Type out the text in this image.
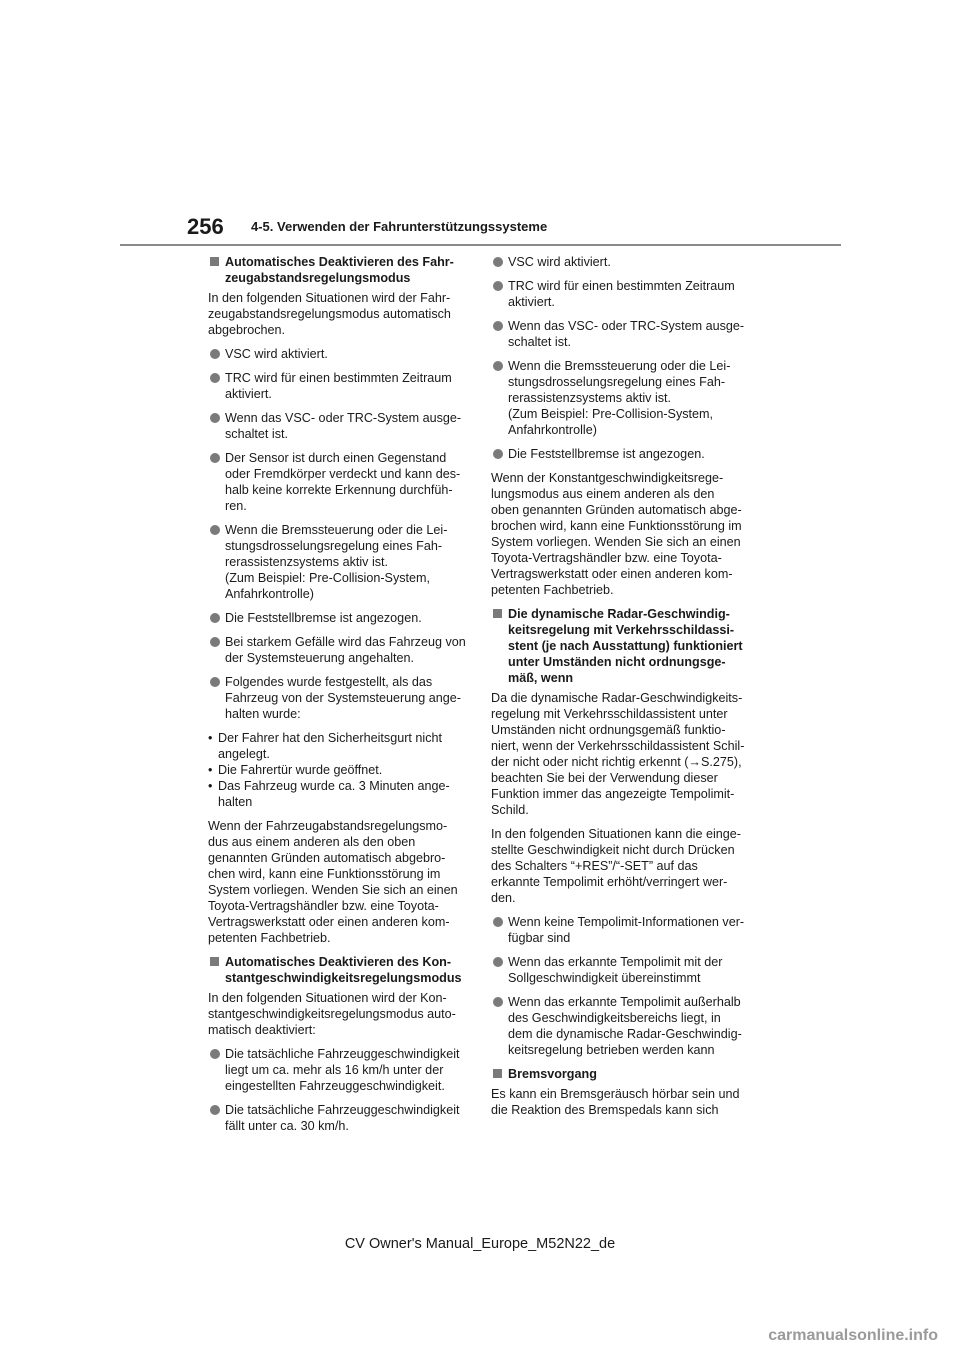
256 4-5. Verwenden der Fahrunterstützungssysteme
Automatisches Deaktivieren des Fahr-
zeugabstandsregelungsmodus
In den folgenden Situationen wird der Fahr-
zeugabstandsregelungsmodus automatisch
abgebrochen.
VSC wird aktiviert.
TRC wird für einen bestimmten Zeitraum
aktiviert.
Wenn das VSC- oder TRC-System ausge-
schaltet ist.
Der Sensor ist durch einen Gegenstand
oder Fremdkörper verdeckt und kann des-
halb keine korrekte Erkennung durchfüh-
ren.
Wenn die Bremssteuerung oder die Lei-
stungsdrosselungsregelung eines Fah-
rerassistenzsystems aktiv ist.
(Zum Beispiel: Pre-Collision-System,
Anfahrkontrolle)
Die Feststellbremse ist angezogen.
Bei starkem Gefälle wird das Fahrzeug von
der Systemsteuerung angehalten.
Folgendes wurde festgestellt, als das
Fahrzeug von der Systemsteuerung ange-
halten wurde:
• Der Fahrer hat den Sicherheitsgurt nicht
angelegt.
• Die Fahrertür wurde geöffnet.
• Das Fahrzeug wurde ca. 3 Minuten ange-
halten
Wenn der Fahrzeugabstandsregelungsmo-
dus aus einem anderen als den oben
genannten Gründen automatisch abgebro-
chen wird, kann eine Funktionsstörung im
System vorliegen. Wenden Sie sich an einen
Toyota-Vertragshändler bzw. eine Toyota-
Vertragswerkstatt oder einen anderen kom-
petenten Fachbetrieb.
Automatisches Deaktivieren des Kon-
stantgeschwindigkeitsregelungsmodus
In den folgenden Situationen wird der Kon-
stantgeschwindigkeitsregelungsmodus auto-
matisch deaktiviert:
Die tatsächliche Fahrzeuggeschwindigkeit
liegt um ca. mehr als 16 km/h unter der
eingestellten Fahrzeuggeschwindigkeit.
Die tatsächliche Fahrzeuggeschwindigkeit
fällt unter ca. 30 km/h.
VSC wird aktiviert.
TRC wird für einen bestimmten Zeitraum
aktiviert.
Wenn das VSC- oder TRC-System ausge-
schaltet ist.
Wenn die Bremssteuerung oder die Lei-
stungsdrosselungsregelung eines Fah-
rerassistenzsystems aktiv ist.
(Zum Beispiel: Pre-Collision-System,
Anfahrkontrolle)
Die Feststellbremse ist angezogen.
Wenn der Konstantgeschwindigkeitsrege-
lungsmodus aus einem anderen als den
oben genannten Gründen automatisch abge-
brochen wird, kann eine Funktionsstörung im
System vorliegen. Wenden Sie sich an einen
Toyota-Vertragshändler bzw. eine Toyota-
Vertragswerkstatt oder einen anderen kom-
petenten Fachbetrieb.
Die dynamische Radar-Geschwindig-
keitsregelung mit Verkehrsschildassi-
stent (je nach Ausstattung) funktioniert
unter Umständen nicht ordnungsge-
mäß, wenn
Da die dynamische Radar-Geschwindigkeits-
regelung mit Verkehrsschildassistent unter
Umständen nicht ordnungsgemäß funktio-
niert, wenn der Verkehrsschildassistent Schil-
der nicht oder nicht richtig erkennt (→S.275),
beachten Sie bei der Verwendung dieser
Funktion immer das angezeigte Tempolimit-
Schild.
In den folgenden Situationen kann die einge-
stellte Geschwindigkeit nicht durch Drücken
des Schalters “+RES”/“-SET” auf das
erkannte Tempolimit erhöht/verringert wer-
den.
Wenn keine Tempolimit-Informationen ver-
fügbar sind
Wenn das erkannte Tempolimit mit der
Sollgeschwindigkeit übereinstimmt
Wenn das erkannte Tempolimit außerhalb
des Geschwindigkeitsbereichs liegt, in
dem die dynamische Radar-Geschwindig-
keitsregelung betrieben werden kann
Bremsvorgang
Es kann ein Bremsgeräusch hörbar sein und
die Reaktion des Bremspedals kann sich
CV Owner's Manual_Europe_M52N22_de
carmanualsonline.info
